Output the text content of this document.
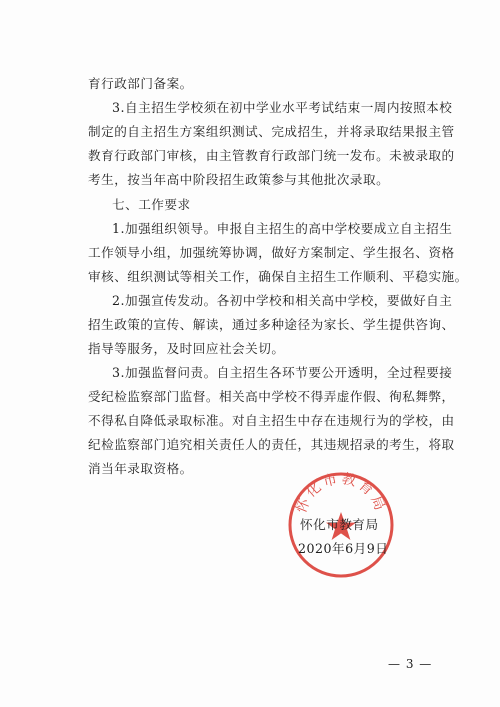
育行政部门备案。
3.自主招生学校须在初中学业水平考试结束一周内按照本校
制定的自主招生方案组织测试、完成招生，并将录取结果报主管
教育行政部门审核，由主管教育行政部门统一发布。未被录取的
考生，按当年高中阶段招生政策参与其他批次录取。
七、工作要求
1.加强组织领导。申报自主招生的高中学校要成立自主招生
工作领导小组，加强统筹协调，做好方案制定、学生报名、资格
审核、组织测试等相关工作，确保自主招生工作顺利、平稳实施。
2.加强宣传发动。各初中学校和相关高中学校，要做好自主
招生政策的宣传、解读，通过多种途径为家长、学生提供咨询、
指导等服务，及时回应社会关切。
3.加强监督问责。自主招生各环节要公开透明，全过程要接
受纪检监察部门监督。相关高中学校不得弄虚作假、徇私舞弊，
不得私自降低录取标准。对自主招生中存在违规行为的学校，由
纪检监察部门追究相关责任人的责任，其违规招录的考生，将取
消当年录取资格。
怀化市教育局
怀化市教育局
2020年6月9日
— 3 —
